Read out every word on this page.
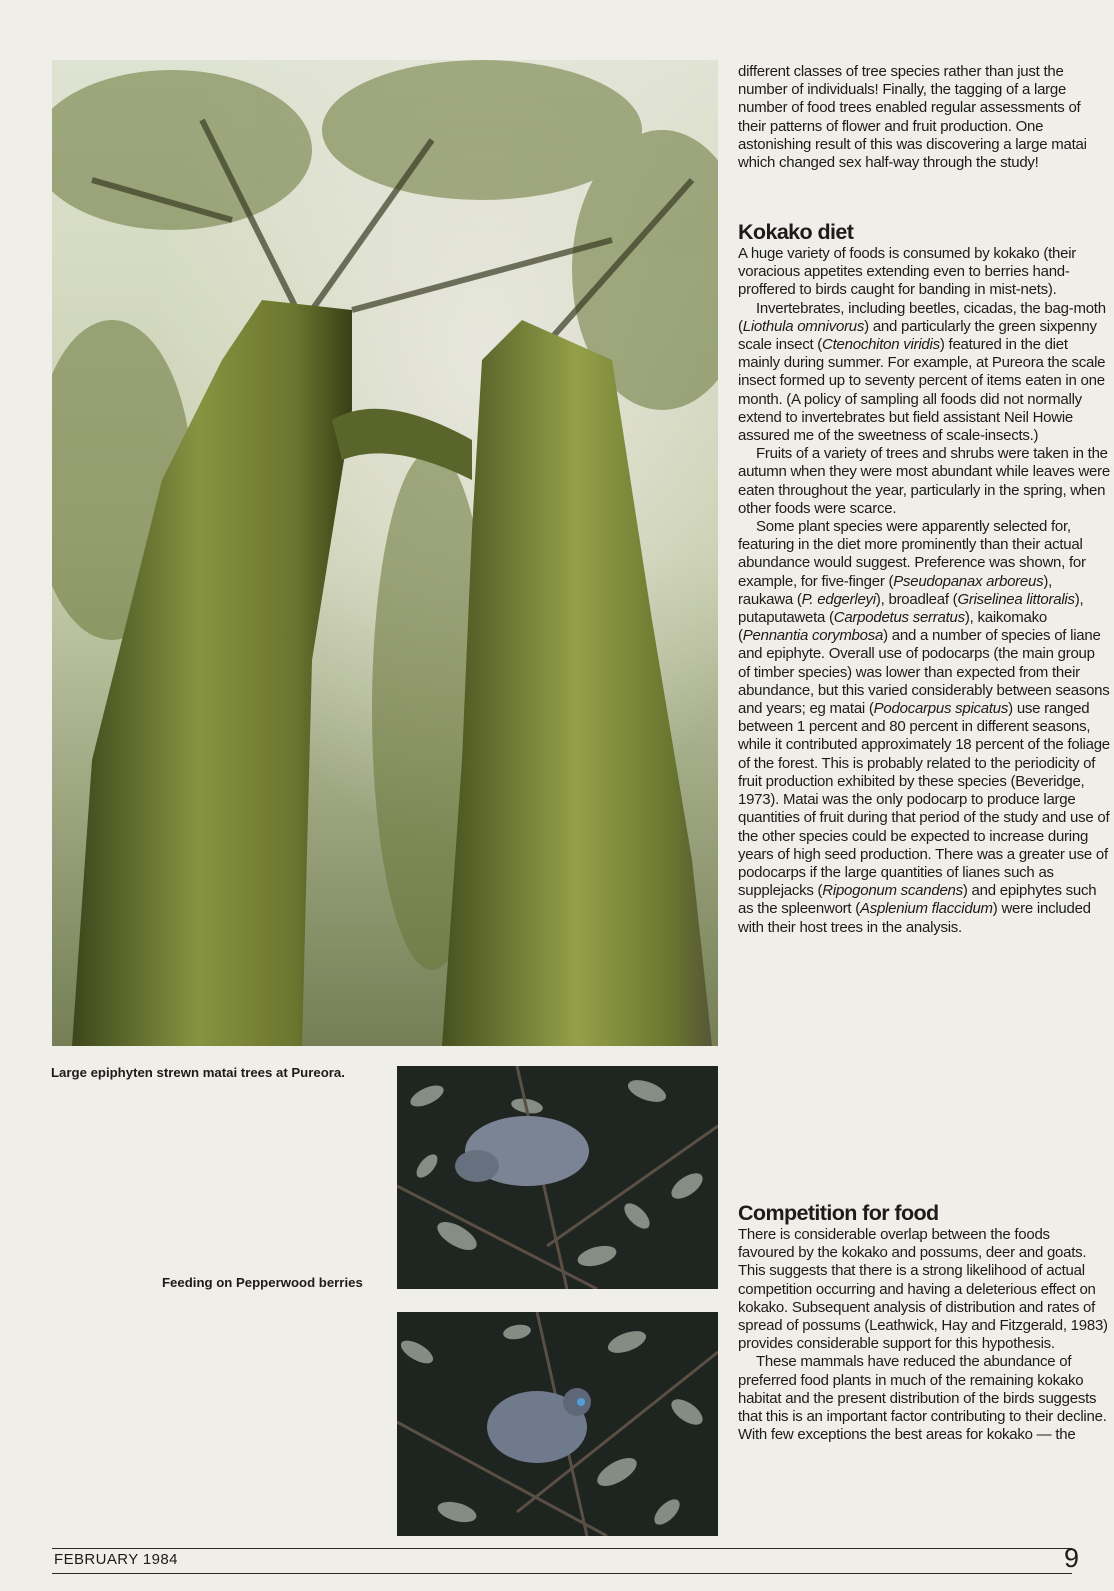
Large epiphyten strewn matai trees at Pureora.
Feeding on Pepperwood berries

different classes of tree species rather than just the number of individuals! Finally, the tagging of a large number of food trees enabled regular assessments of their patterns of flower and fruit production. One astonishing result of this was discovering a large matai which changed sex half-way through the study!

Kokako diet

A huge variety of foods is consumed by kokako (their voracious appetites extending even to berries hand-proffered to birds caught for banding in mist-nets).

Invertebrates, including beetles, cicadas, the bag-moth (Liothula omnivorus) and particularly the green sixpenny scale insect (Ctenochiton viridis) featured in the diet mainly during summer. For example, at Pureora the scale insect formed up to seventy percent of items eaten in one month. (A policy of sampling all foods did not normally extend to invertebrates but field assistant Neil Howie assured me of the sweetness of scale-insects.)

Fruits of a variety of trees and shrubs were taken in the autumn when they were most abundant while leaves were eaten throughout the year, particularly in the spring, when other foods were scarce.

Some plant species were apparently selected for, featuring in the diet more prominently than their actual abundance would suggest. Preference was shown, for example, for five-finger (Pseudopanax arboreus), raukawa (P. edgerleyi), broadleaf (Griselinea littoralis), putaputaweta (Carpodetus serratus), kaikomako (Pennantia corymbosa) and a number of species of liane and epiphyte. Overall use of podocarps (the main group of timber species) was lower than expected from their abundance, but this varied considerably between seasons and years; eg matai (Podocarpus spicatus) use ranged between 1 percent and 80 percent in different seasons, while it contributed approximately 18 percent of the foliage of the forest. This is probably related to the periodicity of fruit production exhibited by these species (Beveridge, 1973). Matai was the only podocarp to produce large quantities of fruit during that period of the study and use of the other species could be expected to increase during years of high seed production. There was a greater use of podocarps if the large quantities of lianes such as supplejacks (Ripogonum scandens) and epiphytes such as the spleenwort (Asplenium flaccidum) were included with their host trees in the analysis.

Competition for food

There is considerable overlap between the foods favoured by the kokako and possums, deer and goats. This suggests that there is a strong likelihood of actual competition occurring and having a deleterious effect on kokako. Subsequent analysis of distribution and rates of spread of possums (Leathwick, Hay and Fitzgerald, 1983) provides considerable support for this hypothesis.

These mammals have reduced the abundance of preferred food plants in much of the remaining kokako habitat and the present distribution of the birds suggests that this is an important factor contributing to their decline. With few exceptions the best areas for kokako — the

FEBRUARY 1984	9
